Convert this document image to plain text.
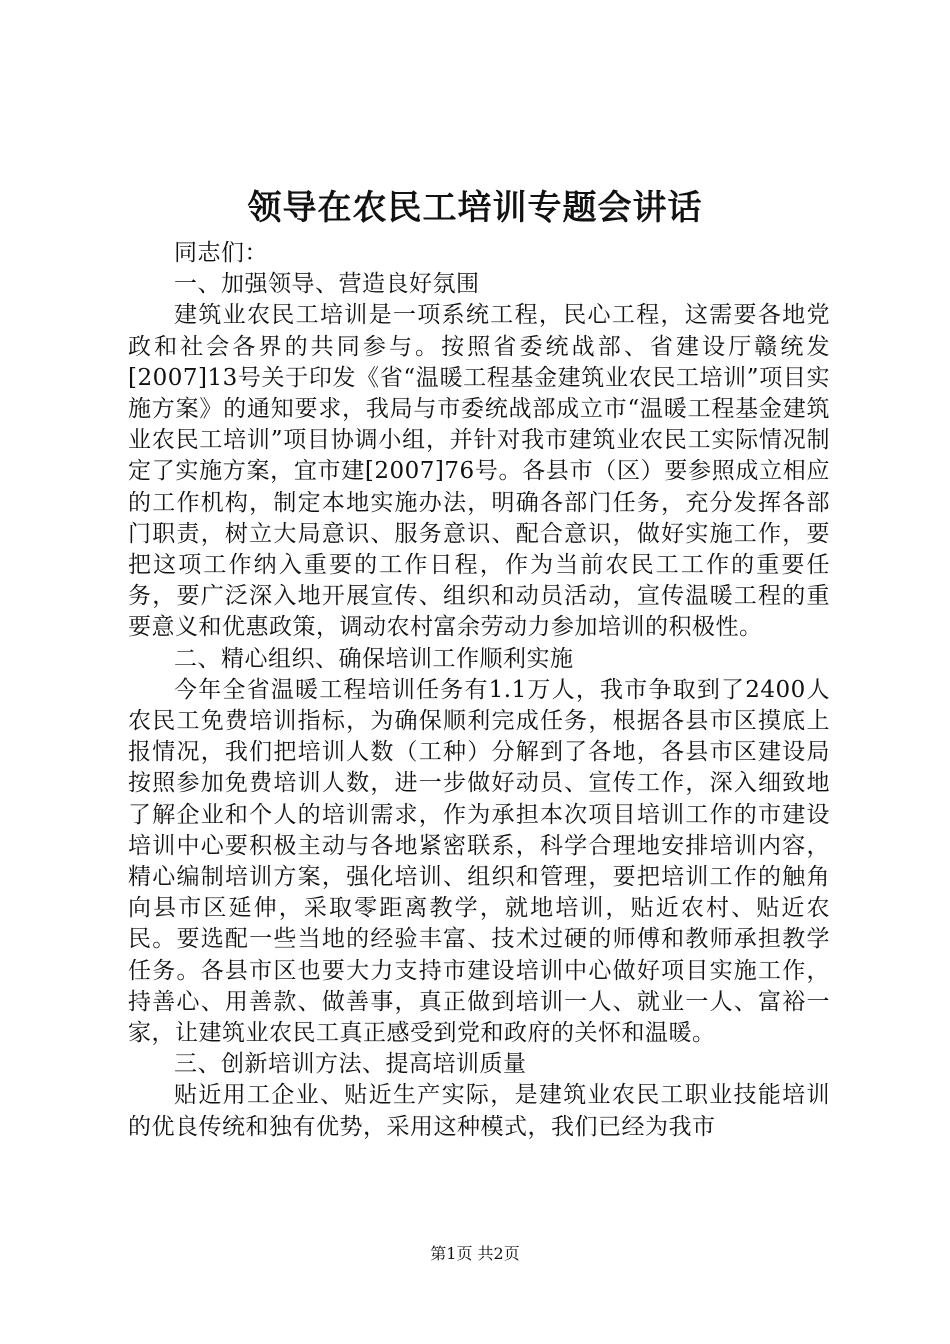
领导在农民工培训专题会讲话

同志们：

一、加强领导、营造良好氛围

建筑业农民工培训是一项系统工程，民心工程，这需要各地党政和社会各界的共同参与。按照省委统战部、省建设厅赣统发[2007]13号关于印发《省“温暖工程基金建筑业农民工培训”项目实施方案》的通知要求，我局与市委统战部成立市“温暖工程基金建筑业农民工培训”项目协调小组，并针对我市建筑业农民工实际情况制定了实施方案，宜市建[2007]76号。各县市（区）要参照成立相应的工作机构，制定本地实施办法，明确各部门任务，充分发挥各部门职责，树立大局意识、服务意识、配合意识，做好实施工作，要把这项工作纳入重要的工作日程，作为当前农民工工作的重要任务，要广泛深入地开展宣传、组织和动员活动，宣传温暖工程的重要意义和优惠政策，调动农村富余劳动力参加培训的积极性。

二、精心组织、确保培训工作顺利实施

今年全省温暖工程培训任务有1.1万人，我市争取到了2400人农民工免费培训指标，为确保顺利完成任务，根据各县市区摸底上报情况，我们把培训人数（工种）分解到了各地，各县市区建设局按照参加免费培训人数，进一步做好动员、宣传工作，深入细致地了解企业和个人的培训需求，作为承担本次项目培训工作的市建设培训中心要积极主动与各地紧密联系，科学合理地安排培训内容，精心编制培训方案，强化培训、组织和管理，要把培训工作的触角向县市区延伸，采取零距离教学，就地培训，贴近农村、贴近农民。要选配一些当地的经验丰富、技术过硬的师傅和教师承担教学任务。各县市区也要大力支持市建设培训中心做好项目实施工作，持善心、用善款、做善事，真正做到培训一人、就业一人、富裕一家，让建筑业农民工真正感受到党和政府的关怀和温暖。

三、创新培训方法、提高培训质量

贴近用工企业、贴近生产实际，是建筑业农民工职业技能培训的优良传统和独有优势，采用这种模式，我们已经为我市

第1页 共2页
